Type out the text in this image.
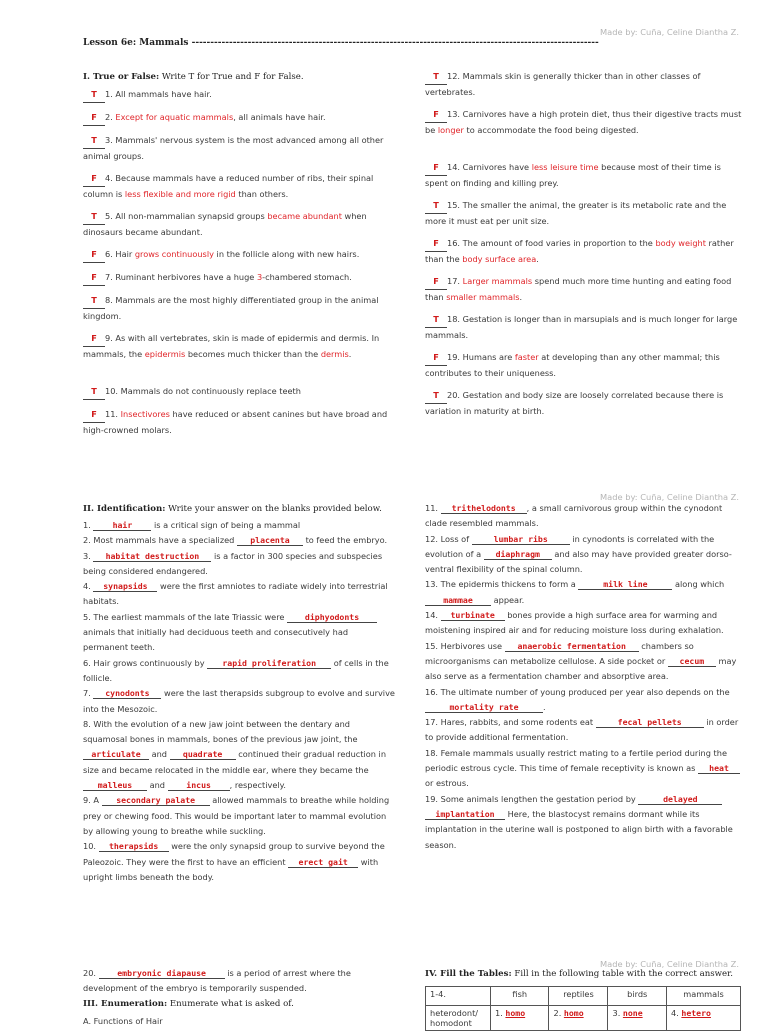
Made by: Cuña, Celine Diantha Z.
Lesson 6e: Mammals -------------------------------------------------------------------------------------------------------------
I. True or False: Write T for True and F for False.
T 1. All mammals have hair.
F 2. Except for aquatic mammals, all animals have hair.
T 3. Mammals' nervous system is the most advanced among all other animal groups.
F 4. Because mammals have a reduced number of ribs, their spinal column is less flexible and more rigid than others.
T 5. All non-mammalian synapsid groups became abundant when dinosaurs became abundant.
F 6. Hair grows continuously in the follicle along with new hairs.
F 7. Ruminant herbivores have a huge 3-chambered stomach.
T 8. Mammals are the most highly differentiated group in the animal kingdom.
F 9. As with all vertebrates, skin is made of epidermis and dermis. In mammals, the epidermis becomes much thicker than the dermis.
T 10. Mammals do not continuously replace teeth
F 11. Insectivores have reduced or absent canines but have broad and high-crowned molars.
T 12. Mammals skin is generally thicker than in other classes of vertebrates.
F 13. Carnivores have a high protein diet, thus their digestive tracts must be longer to accommodate the food being digested.
F 14. Carnivores have less leisure time because most of their time is spent on finding and killing prey.
T 15. The smaller the animal, the greater is its metabolic rate and the more it must eat per unit size.
F 16. The amount of food varies in proportion to the body weight rather than the body surface area.
F 17. Larger mammals spend much more time hunting and eating food than smaller mammals.
T 18. Gestation is longer than in marsupials and is much longer for large mammals.
F 19. Humans are faster at developing than any other mammal; this contributes to their uniqueness.
T 20. Gestation and body size are loosely correlated because there is variation in maturity at birth.
Made by: Cuña, Celine Diantha Z.
II. Identification: Write your answer on the blanks provided below.
1. hair is a critical sign of being a mammal
2. Most mammals have a specialized placenta to feed the embryo.
3. habitat destruction is a factor in 300 species and subspecies being considered endangered.
4. synapsids were the first amniotes to radiate widely into terrestrial habitats.
5. The earliest mammals of the late Triassic were diphyodonts animals that initially had deciduous teeth and consecutively had permanent teeth.
6. Hair grows continuously by rapid proliferation of cells in the follicle.
7. cynodonts were the last therapsids subgroup to evolve and survive into the Mesozoic.
8. With the evolution of a new jaw joint between the dentary and squamosal bones in mammals, bones of the previous jaw joint, the articulate and quadrate continued their gradual reduction in size and became relocated in the middle ear, where they became the malleus and incus , respectively.
9. A secondary palate allowed mammals to breathe while holding prey or chewing food. This would be important later to mammal evolution by allowing young to breathe while suckling.
10. therapsids were the only synapsid group to survive beyond the Paleozoic. They were the first to have an efficient erect gait with upright limbs beneath the body.
11. trithelodonts , a small carnivorous group within the cynodont clade resembled mammals.
12. Loss of	lumbar ribs	in cynodonts is correlated with the evolution of a diaphragm and also may have provided greater dorso-ventral flexibility of the spinal column.
13. The epidermis thickens to form a	milk line	along which mammae appear.
14. turbinate bones provide a high surface area for warming and moistening inspired air and for reducing moisture loss during exhalation.
15. Herbivores use anaerobic fermentation chambers so microorganisms can metabolize cellulose. A side pocket or cecum may also serve as a fermentation chamber and absorptive area.
16. The ultimate number of young produced per year also depends on the mortality rate	.
17. Hares, rabbits, and some rodents eat	fecal pellets	in order to provide additional fermentation.
18. Female mammals usually restrict mating to a fertile period during the periodic estrous cycle. This time of female receptivity is known as heat or estrous.
19. Some animals lengthen the gestation period by	delayed implantation Here, the blastocyst remains dormant while its implantation in the uterine wall is postponed to align birth with a favorable season.
Made by: Cuña, Celine Diantha Z.
20. embryonic diapause is a period of arrest where the development of the embryo is temporarily suspended.
III. Enumeration: Enumerate what is asked of.
A. Functions of Hair
IV. Fill the Tables: Fill in the following table with the correct answer.
1-4.	fish	reptiles	birds	mammals
heterodont/ homodont	1. homo	2. homo	3. none	4. hetero
